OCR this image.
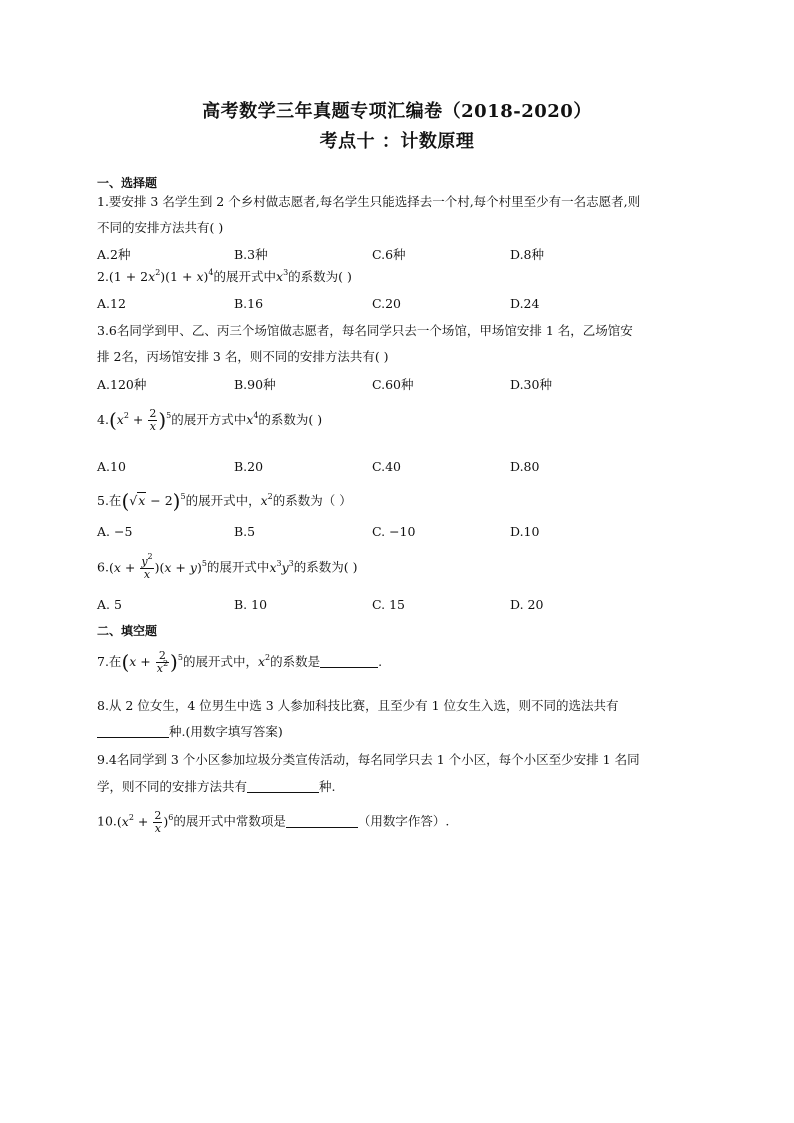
高考数学三年真题专项汇编卷（2018-2020）
考点十 ：计数原理
一、选择题
1.要安排 3 名学生到 2 个乡村做志愿者,每名学生只能选择去一个村,每个村里至少有一名志愿者,则
不同的安排方法共有( )
A.2种	B.3种	C.6种	D.8种
$2.(1 + 2x^2)(1 + x)^4$的展开式中$x^3$的系数为( )
A.12	B.16	C.20	D.24
3.6名同学到甲、乙、丙三个场馆做志愿者，每名同学只去一个场馆，甲场馆安排 1 名，乙场馆安
排 2名，丙场馆安排 3 名，则不同的安排方法共有( )
A.120种	B.90种	C.60种	D.30种
$4.(x^2 + \frac{2}{x} )^5$的展开方式中$x^4$的系数为( )
A.10	B.20	C.40	D.80
5.在$(√x - 2)^5$的展开式中，$x^2$的系数为（ ）
A. −5	B.5	C. −10	D.10
$6.(x + \frac{y^2}{x} )(x + y)^5$的展开式中$x^3y^3$的系数为( )
A. 5	B. 10	C. 15	D. 20
二、填空题
7.在$(x + \frac{2}{x^2} )^5$的展开式中，$x^2$的系数是	.
8.从 2 位女生，4 位男生中选 3 人参加科技比赛，且至少有 1 位女生入选，则不同的选法共有
种.(用数字填写答案)
9.4名同学到 3 个小区参加垃圾分类宣传活动，每名同学只去 1 个小区，每个小区至少安排 1 名同
学，则不同的安排方法共有	种.
$10.(x^2 + \frac{2}{x} )^6$的展开式中常数项是	（用数字作答）.
